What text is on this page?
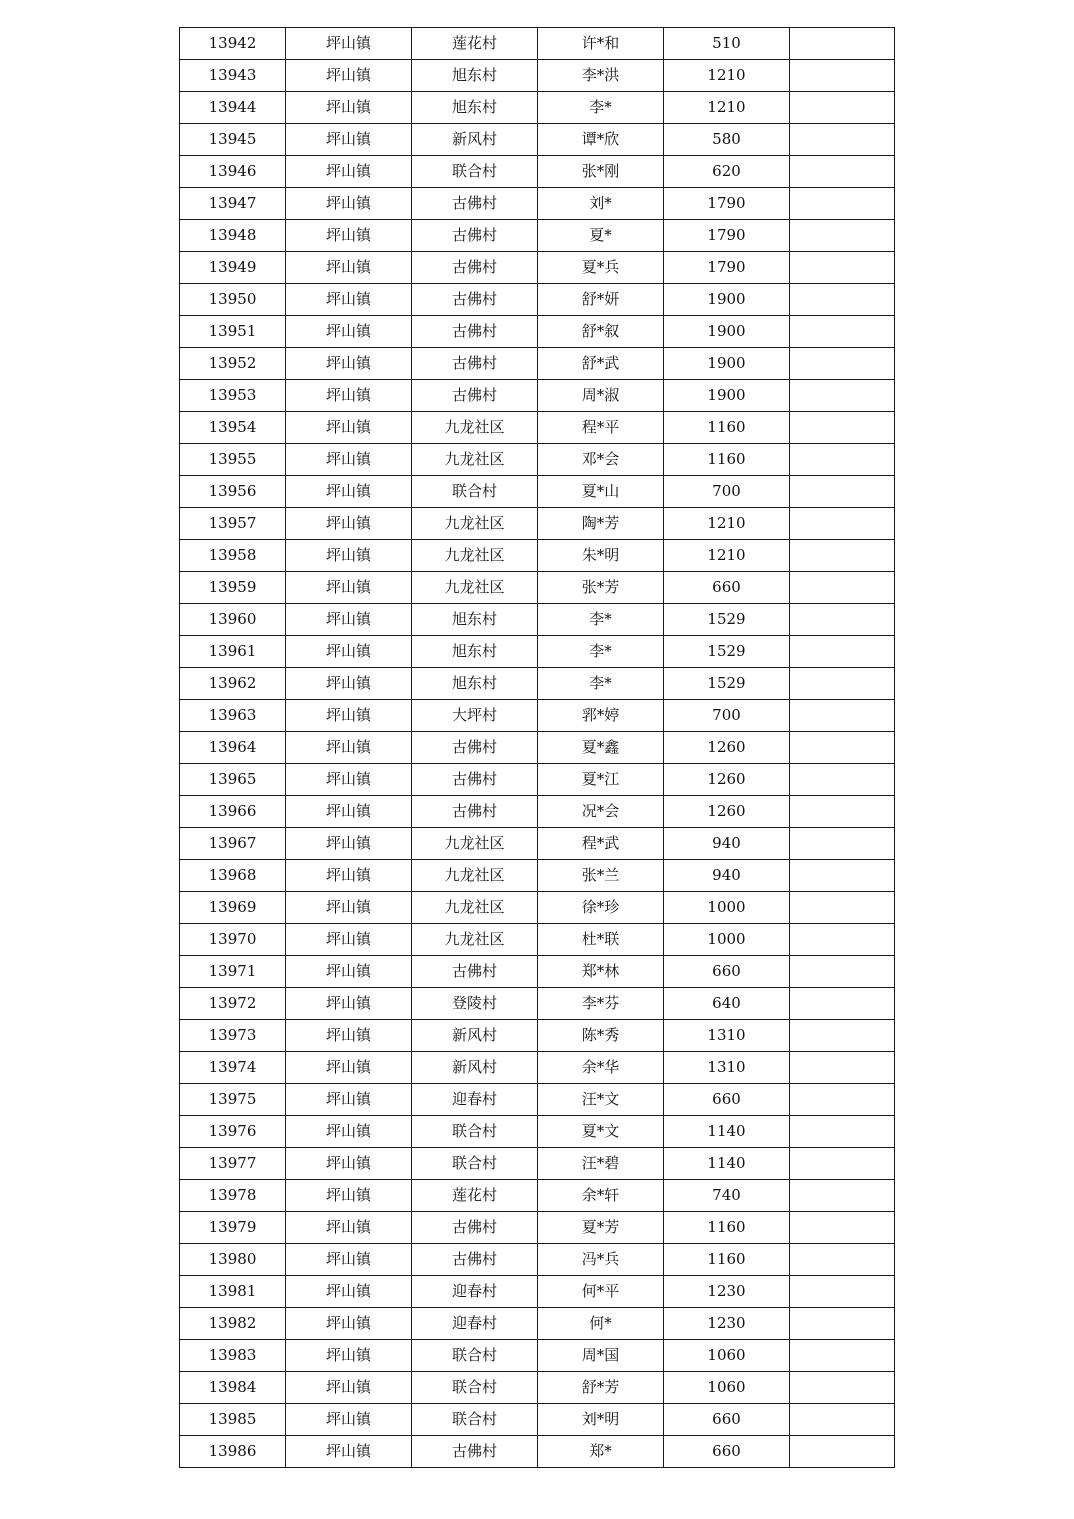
13942	坪山镇	莲花村	许*和	510	
13943	坪山镇	旭东村	李*洪	1210	
13944	坪山镇	旭东村	李*	1210	
13945	坪山镇	新风村	谭*欣	580	
13946	坪山镇	联合村	张*刚	620	
13947	坪山镇	古佛村	刘*	1790	
13948	坪山镇	古佛村	夏*	1790	
13949	坪山镇	古佛村	夏*兵	1790	
13950	坪山镇	古佛村	舒*妍	1900	
13951	坪山镇	古佛村	舒*叙	1900	
13952	坪山镇	古佛村	舒*武	1900	
13953	坪山镇	古佛村	周*淑	1900	
13954	坪山镇	九龙社区	程*平	1160	
13955	坪山镇	九龙社区	邓*会	1160	
13956	坪山镇	联合村	夏*山	700	
13957	坪山镇	九龙社区	陶*芳	1210	
13958	坪山镇	九龙社区	朱*明	1210	
13959	坪山镇	九龙社区	张*芳	660	
13960	坪山镇	旭东村	李*	1529	
13961	坪山镇	旭东村	李*	1529	
13962	坪山镇	旭东村	李*	1529	
13963	坪山镇	大坪村	郛*婷	700	
13964	坪山镇	古佛村	夏*鑫	1260	
13965	坪山镇	古佛村	夏*江	1260	
13966	坪山镇	古佛村	况*会	1260	
13967	坪山镇	九龙社区	程*武	940	
13968	坪山镇	九龙社区	张*兰	940	
13969	坪山镇	九龙社区	徐*珍	1000	
13970	坪山镇	九龙社区	杜*联	1000	
13971	坪山镇	古佛村	郑*林	660	
13972	坪山镇	登陵村	李*芬	640	
13973	坪山镇	新风村	陈*秀	1310	
13974	坪山镇	新风村	余*华	1310	
13975	坪山镇	迎春村	汪*文	660	
13976	坪山镇	联合村	夏*文	1140	
13977	坪山镇	联合村	汪*碧	1140	
13978	坪山镇	莲花村	余*轩	740	
13979	坪山镇	古佛村	夏*芳	1160	
13980	坪山镇	古佛村	冯*兵	1160	
13981	坪山镇	迎春村	何*平	1230	
13982	坪山镇	迎春村	何*	1230	
13983	坪山镇	联合村	周*国	1060	
13984	坪山镇	联合村	舒*芳	1060	
13985	坪山镇	联合村	刘*明	660	
13986	坪山镇	古佛村	郑*	660	
